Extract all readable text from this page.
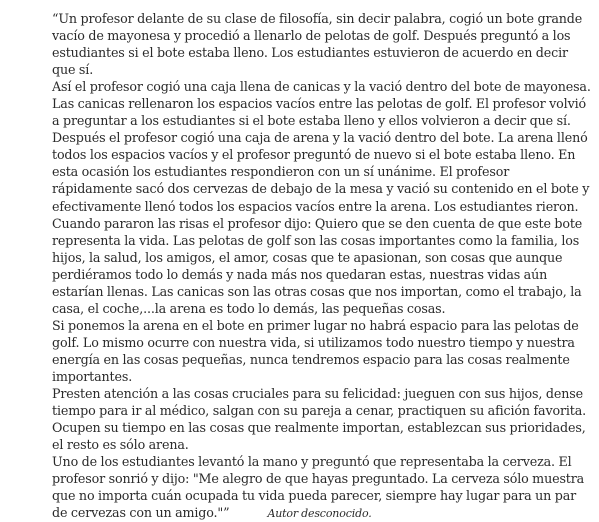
“Un profesor delante de su clase de filosofía, sin decir palabra, cogió un bote grande vacío de mayonesa y procedió a llenarlo de pelotas de golf. Después preguntó a los estudiantes si el bote estaba lleno. Los estudiantes estuvieron de acuerdo en decir que sí.

Así el profesor cogió una caja llena de canicas y la vació dentro del bote de mayonesa. Las canicas rellenaron los espacios vacíos entre las pelotas de golf. El profesor volvió a preguntar a los estudiantes si el bote estaba lleno y ellos volvieron a decir que sí.

Después el profesor cogió una caja de arena y la vació dentro del bote. La arena llenó todos los espacios vacíos y el profesor preguntó de nuevo si el bote estaba lleno. En esta ocasión los estudiantes respondieron con un sí unánime. El profesor rápidamente sacó dos cervezas de debajo de la mesa y vació su contenido en el bote y efectivamente llenó todos los espacios vacíos entre la arena. Los estudiantes rieron.

Cuando pararon las risas el profesor dijo: Quiero que se den cuenta de que este bote representa la vida. Las pelotas de golf son las cosas importantes como la familia, los hijos, la salud, los amigos, el amor, cosas que te apasionan, son cosas que aunque perdiéramos todo lo demás y nada más nos quedaran estas, nuestras vidas aún estarían llenas. Las canicas son las otras cosas que nos importan, como el trabajo, la casa, el coche,...la arena es todo lo demás, las pequeñas cosas.

Si ponemos la arena en el bote en primer lugar no habrá espacio para las pelotas de golf. Lo mismo ocurre con nuestra vida, si utilizamos todo nuestro tiempo y nuestra energía en las cosas pequeñas, nunca tendremos espacio para las cosas realmente importantes.

Presten atención a las cosas cruciales para su felicidad: jueguen con sus hijos, dense tiempo para ir al médico, salgan con su pareja a cenar, practiquen su afición favorita. Ocupen su tiempo en las cosas que realmente importan, establezcan sus prioridades, el resto es sólo arena.

Uno de los estudiantes levantó la mano y preguntó que representaba la cerveza. El profesor sonrió y dijo: "Me alegro de que hayas preguntado. La cerveza sólo muestra que no importa cuán ocupada tu vida pueda parecer, siempre hay lugar para un par de cervezas con un amigo."”	Autor desconocido.
